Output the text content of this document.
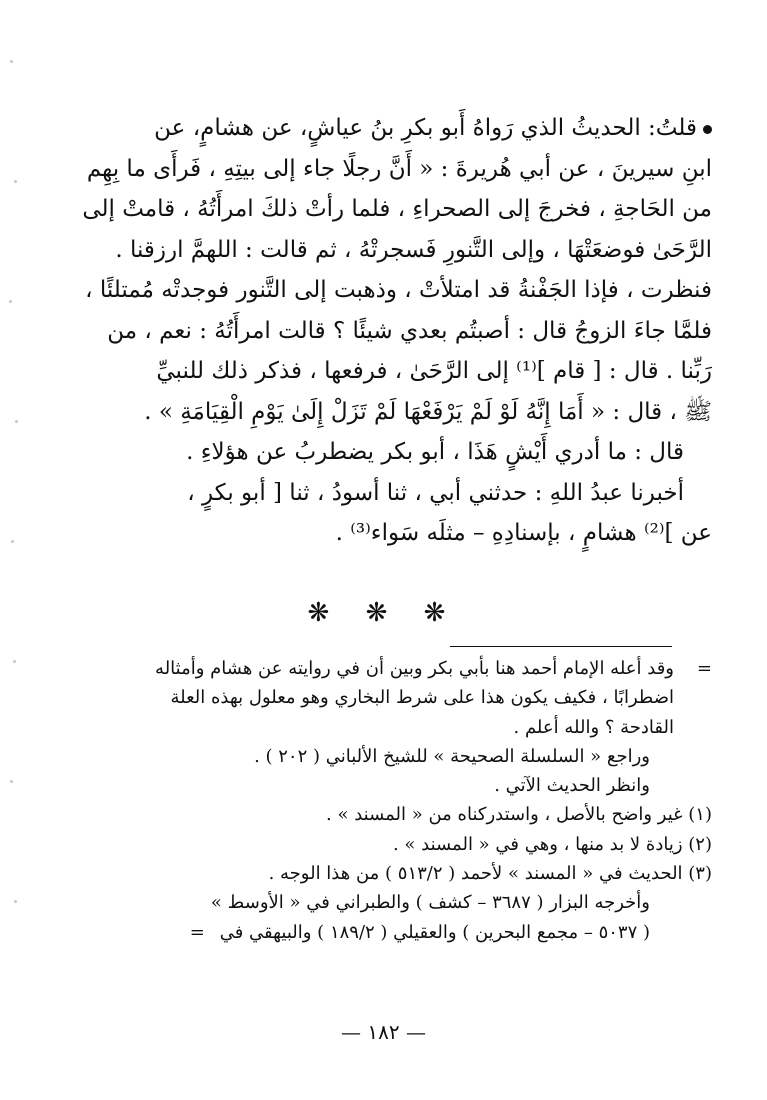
قلتُ: الحديثُ الذي رَواهُ أَبو بكرِ بنُ عياشٍ، عن هشامٍ، عن
ابنِ سيرينَ ، عن أبي هُريرةَ : « أَنَّ رجلًا جاء إلى بيتِهِ ، فَرأَى ما بِهِم
من الحَاجةِ ، فخرجَ إلى الصحراءِ ، فلما رأتْ ذلكَ امرأَتُهُ ، قامتْ إلى
الرَّحَىٰ فوضعَتْهَا ، وإلى التَّنورِ فَسجرتْهُ ، ثم قالت : اللهمَّ ارزقنا .
فنظرت ، فإذا الجَفْنةُ قد امتلأتْ ، وذهبت إلى التَّنور فوجدتْه مُمتلئًا ،
فلمَّا جاءَ الزوجُ قال : أصبتُم بعدي شيئًا ؟ قالت امرأَتُهُ : نعم ، من
رَبِّنا . قال : [ قام ]⁽¹⁾ إلى الرَّحَىٰ ، فرفعها ، فذكر ذلك للنبيِّ
ﷺ ، قال : « أَمَا إِنَّهُ لَوْ لَمْ يَرْفَعْهَا لَمْ تَزَلْ إِلَىٰ يَوْمِ الْقِيَامَةِ » .
قال : ما أدري أَيْشٍ هَذَا ، أبو بكر يضطربُ عن هؤلاءِ .
أخبرنا عبدُ اللهِ : حدثني أبي ، ثنا أسودُ ، ثنا [ أبو بكرٍ ،
عن ]⁽²⁾ هشامٍ ، بإسنادِهِ – مثلَه سَواء⁽³⁾ .
❋ ❋ ❋
=وقد أعله الإمام أحمد هنا بأبي بكر وبين أن في روايته عن هشام وأمثاله
اضطرابًا ، فكيف يكون هذا على شرط البخاري وهو معلول بهذه العلة
القادحة ؟ والله أعلم .
وراجع « السلسلة الصحيحة » للشيخ الألباني ( ٢٠٢ ) .
وانظر الحديث الآتي .
(١) غير واضح بالأصل ، واستدركناه من « المسند » .
(٢) زيادة لا بد منها ، وهي في « المسند » .
(٣) الحديث في « المسند » لأحمد ( ٥١٣/٢ ) من هذا الوجه .
وأخرجه البزار ( ٣٦٨٧ – كشف ) والطبراني في « الأوسط »
( ٥٠٣٧ – مجمع البحرين ) والعقيلي ( ١٨٩/٢ ) والبيهقي في=
— ١٨٢ —
